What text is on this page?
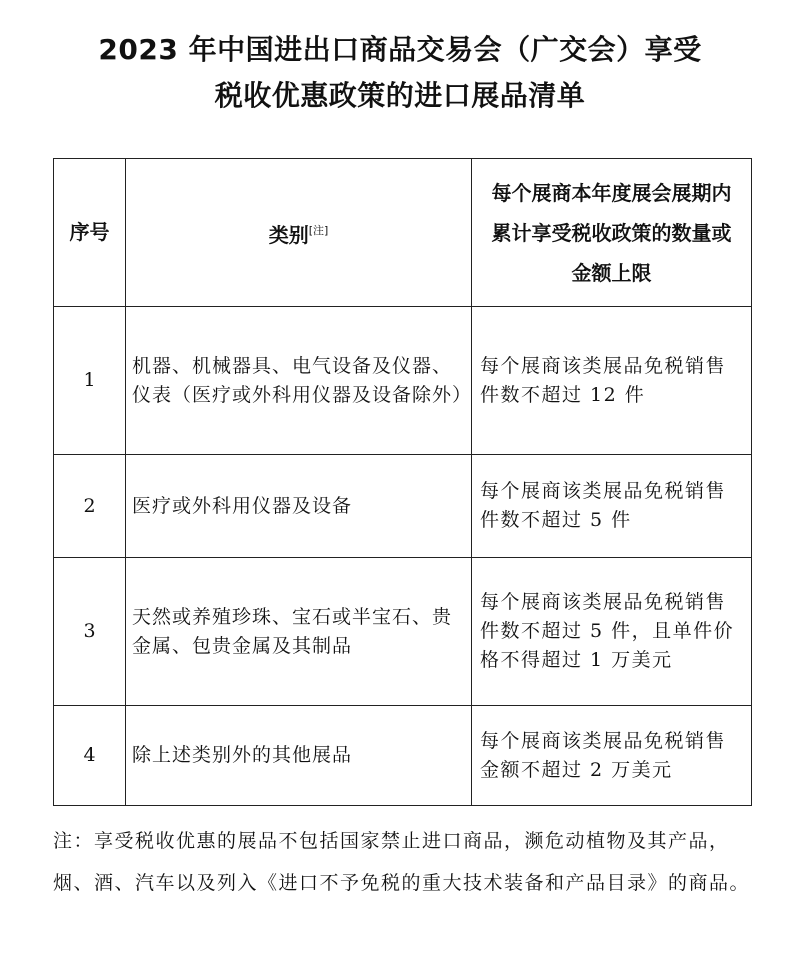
2023 年中国进出口商品交易会（广交会）享受
税收优惠政策的进口展品清单
序号	类别[注]	每个展商本年度展会展期内累计享受税收政策的数量或金额上限
1	机器、机械器具、电气设备及仪器、仪表（医疗或外科用仪器及设备除外）	每个展商该类展品免税销售件数不超过 12 件
2	医疗或外科用仪器及设备	每个展商该类展品免税销售件数不超过 5 件
3	天然或养殖珍珠、宝石或半宝石、贵金属、包贵金属及其制品	每个展商该类展品免税销售件数不超过 5 件，且单件价格不得超过 1 万美元
4	除上述类别外的其他展品	每个展商该类展品免税销售金额不超过 2 万美元
注：享受税收优惠的展品不包括国家禁止进口商品，濒危动植物及其产品，烟、酒、汽车以及列入《进口不予免税的重大技术装备和产品目录》的商品。
